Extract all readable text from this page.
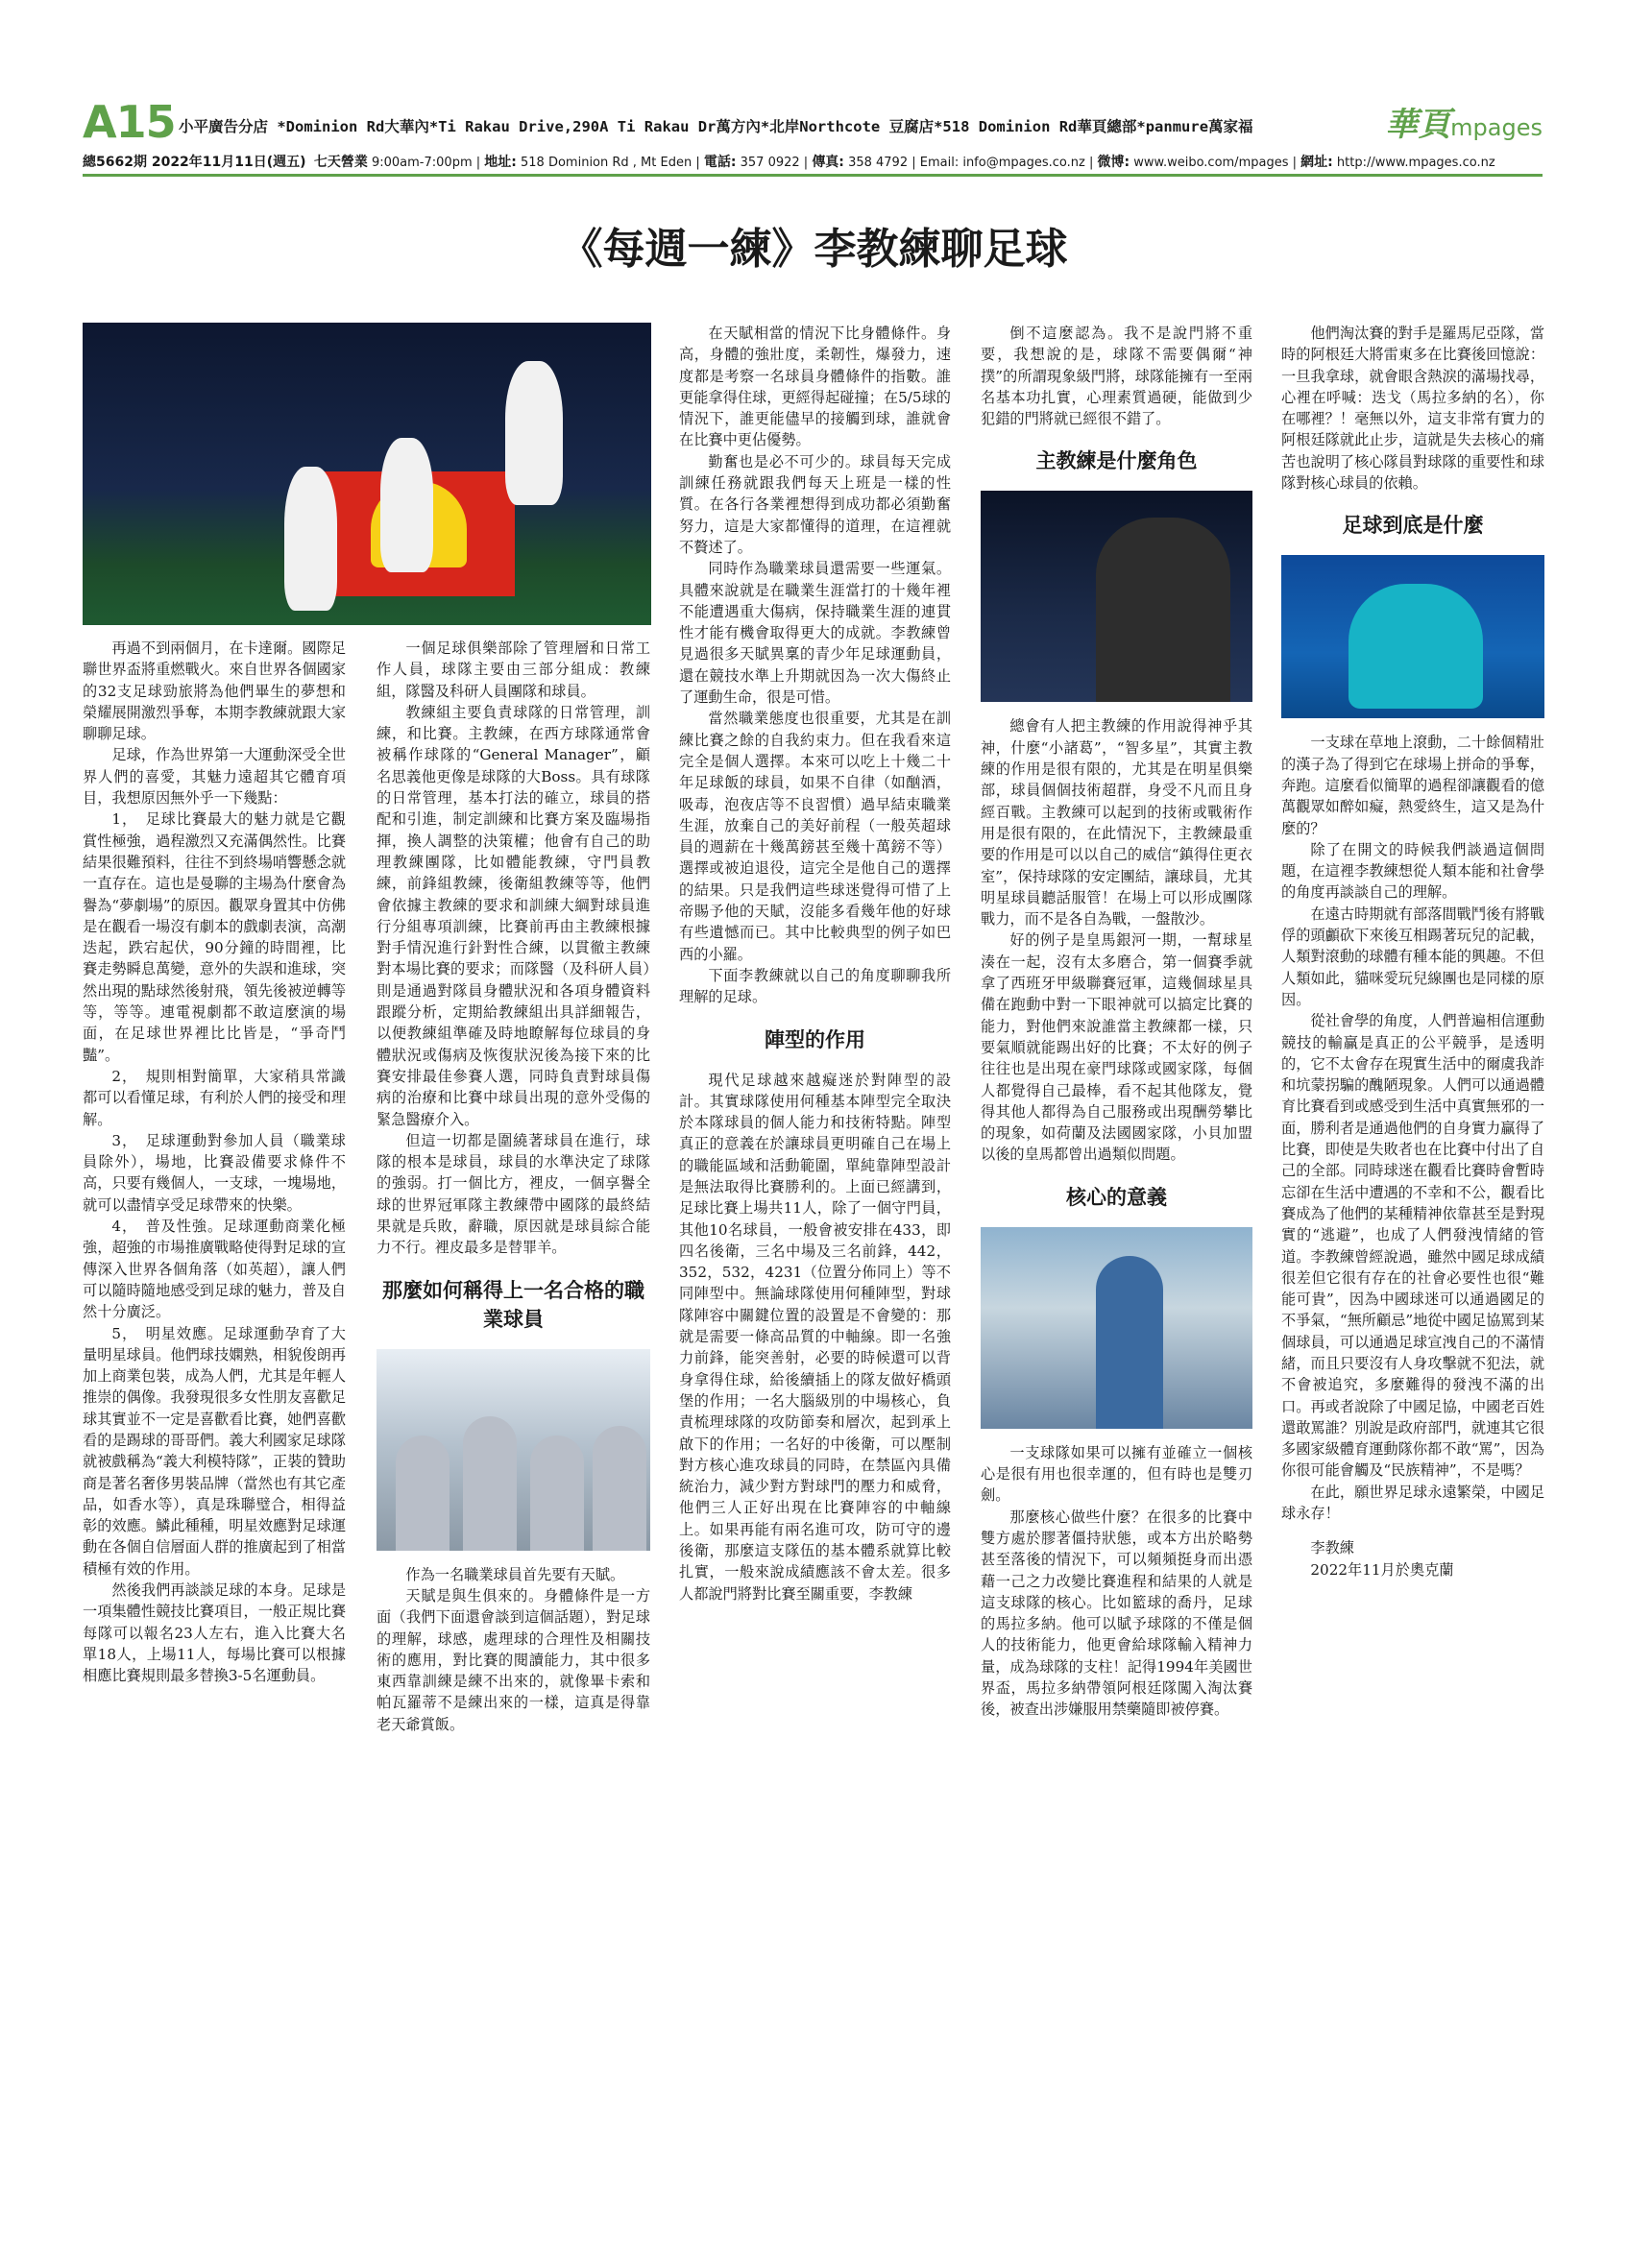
A15 小平廣告分店 *Dominion Rd大華內*Ti Rakau Drive,290A Ti Rakau Dr萬方內*北岸Northcote 豆腐店*518 Dominion Rd華頁總部*panmure萬家福	華頁mpages
總5662期 2022年11月11日(週五) 七天營業 9:00am-7:00pm | 地址: 518 Dominion Rd , Mt Eden | 電話: 357 0922 | 傳真: 358 4792 | Email: info@mpages.co.nz | 微博: www.weibo.com/mpages | 網址: http://www.mpages.co.nz
《每週一練》李教練聊足球

再過不到兩個月，在卡達爾。國際足聯世界盃將重燃戰火。來自世界各個國家的32支足球勁旅將為他們畢生的夢想和榮耀展開激烈爭奪，本期李教練就跟大家聊聊足球。

足球，作為世界第一大運動深受全世界人們的喜愛，其魅力遠超其它體育項目，我想原因無外乎一下幾點：

1，　足球比賽最大的魅力就是它觀賞性極強，過程激烈又充滿偶然性。比賽結果很難預料，往往不到終場哨響懸念就一直存在。這也是曼聯的主場為什麼會為譽為“夢劇場”的原因。觀眾身置其中仿佛是在觀看一場沒有劇本的戲劇表演，高潮迭起，跌宕起伏，90分鐘的時間裡，比賽走勢瞬息萬變，意外的失誤和進球，突然出現的點球然後射飛，領先後被逆轉等等，等等。連電視劇都不敢這麼演的場面，在足球世界裡比比皆是，“爭奇鬥豔”。

2，　規則相對簡單，大家稍具常識都可以看懂足球，有利於人們的接受和理解。

3，　足球運動對參加人員（職業球員除外），場地，比賽設備要求條件不高，只要有幾個人，一支球，一塊場地，就可以盡情享受足球帶來的快樂。

4，　普及性強。足球運動商業化極強，超強的市場推廣戰略使得對足球的宣傳深入世界各個角落（如英超），讓人們可以隨時隨地感受到足球的魅力，普及自然十分廣泛。

5，　明星效應。足球運動孕育了大量明星球員。他們球技嫻熟，相貌俊朗再加上商業包裝，成為人們，尤其是年輕人推崇的偶像。我發現很多女性朋友喜歡足球其實並不一定是喜歡看比賽，她們喜歡看的是踢球的哥哥們。義大利國家足球隊就被戲稱為“義大利模特隊”，正裝的贊助商是著名奢侈男裝品牌（當然也有其它產品，如香水等），真是珠聯璧合，相得益彰的效應。鱗此種種，明星效應對足球運動在各個自信層面人群的推廣起到了相當積極有效的作用。

然後我們再談談足球的本身。足球是一項集體性競技比賽項目，一般正規比賽每隊可以報名23人左右，進入比賽大名單18人，上場11人，每場比賽可以根據相應比賽規則最多替換3-5名運動員。

一個足球俱樂部除了管理層和日常工作人員，球隊主要由三部分組成：教練組，隊醫及科研人員團隊和球員。

教練組主要負責球隊的日常管理，訓練，和比賽。主教練，在西方球隊通常會被稱作球隊的“General Manager”，顧名思義他更像是球隊的大Boss。具有球隊的日常管理，基本打法的確立，球員的搭配和引進，制定訓練和比賽方案及臨場指揮，換人調整的決策權；他會有自己的助理教練團隊，比如體能教練，守門員教練，前鋒組教練，後衛組教練等等，他們會依據主教練的要求和訓練大綱對球員進行分組專項訓練，比賽前再由主教練根據對手情況進行針對性合練，以貫徹主教練對本場比賽的要求；而隊醫（及科研人員）則是通過對隊員身體狀況和各項身體資料跟蹤分析，定期給教練組出具詳細報告，以便教練組準確及時地瞭解每位球員的身體狀況或傷病及恢復狀況後為接下來的比賽安排最佳參賽人選，同時負責對球員傷病的治療和比賽中球員出現的意外受傷的緊急醫療介入。

但這一切都是圍繞著球員在進行，球隊的根本是球員，球員的水準決定了球隊的強弱。打一個比方，裡皮，一個享譽全球的世界冠軍隊主教練帶中國隊的最終結果就是兵敗，辭職，原因就是球員綜合能力不行。裡皮最多是替罪羊。

那麼如何稱得上一名合格的職業球員

作為一名職業球員首先要有天賦。

天賦是與生俱來的。身體條件是一方面（我們下面還會談到這個話題），對足球的理解，球感，處理球的合理性及相關技術的應用，對比賽的閱讀能力，其中很多東西靠訓練是練不出來的，就像畢卡索和帕瓦羅蒂不是練出來的一樣，這真是得靠老天爺賞飯。

在天賦相當的情況下比身體條件。身高，身體的強壯度，柔韌性，爆發力，速度都是考察一名球員身體條件的指數。誰更能拿得住球，更經得起碰撞；在5/5球的情況下，誰更能儘早的接觸到球，誰就會在比賽中更佔優勢。

勤奮也是必不可少的。球員每天完成訓練任務就跟我們每天上班是一樣的性質。在各行各業裡想得到成功都必須勤奮努力，這是大家都懂得的道理，在這裡就不贅述了。

同時作為職業球員還需要一些運氣。具體來說就是在職業生涯當打的十幾年裡不能遭遇重大傷病，保持職業生涯的連貫性才能有機會取得更大的成就。李教練曾見過很多天賦異稟的青少年足球運動員，還在競技水準上升期就因為一次大傷終止了運動生命，很是可惜。

當然職業態度也很重要，尤其是在訓練比賽之餘的自我約束力。但在我看來這完全是個人選擇。本來可以吃上十幾二十年足球飯的球員，如果不自律（如酗酒，吸毒，泡夜店等不良習慣）過早結束職業生涯，放棄自己的美好前程（一般英超球員的週薪在十幾萬鎊甚至幾十萬鎊不等）選擇或被迫退役，這完全是他自己的選擇的結果。只是我們這些球迷覺得可惜了上帝賜予他的天賦，沒能多看幾年他的好球有些遺憾而已。其中比較典型的例子如巴西的小羅。

下面李教練就以自己的角度聊聊我所理解的足球。

陣型的作用

現代足球越來越癡迷於對陣型的設計。其實球隊使用何種基本陣型完全取決於本隊球員的個人能力和技術特點。陣型真正的意義在於讓球員更明確自己在場上的職能區域和活動範圍，單純靠陣型設計是無法取得比賽勝利的。上面已經講到，足球比賽上場共11人，除了一個守門員，其他10名球員，一般會被安排在433，即四名後衛，三名中場及三名前鋒，442，352，532，4231（位置分佈同上）等不同陣型中。無論球隊使用何種陣型，對球隊陣容中關鍵位置的設置是不會變的：那就是需要一條高品質的中軸線。即一名強力前鋒，能突善射，必要的時候還可以背身拿得住球，給後續插上的隊友做好橋頭堡的作用；一名大腦級別的中場核心，負責梳理球隊的攻防節奏和層次，起到承上啟下的作用；一名好的中後衛，可以壓制對方核心進攻球員的同時，在禁區內具備統治力，減少對方對球門的壓力和威脅，他們三人正好出現在比賽陣容的中軸線上。如果再能有兩名進可攻，防可守的邊後衛，那麼這支隊伍的基本體系就算比較扎實，一般來說成績應該不會太差。很多人都說門將對比賽至關重要，李教練

倒不這麼認為。我不是說門將不重要，我想說的是，球隊不需要偶爾“神撲”的所謂現象級門將，球隊能擁有一至兩名基本功扎實，心理素質過硬，能做到少犯錯的門將就已經很不錯了。

主教練是什麼角色

總會有人把主教練的作用說得神乎其神，什麼“小諸葛”，“智多星”，其實主教練的作用是很有限的，尤其是在明星俱樂部，球員個個技術超群，身受不凡而且身經百戰。主教練可以起到的技術或戰術作用是很有限的，在此情況下，主教練最重要的作用是可以以自己的威信“鎮得住更衣室”，保持球隊的安定團結，讓球員，尤其明星球員聽話服管！在場上可以形成團隊戰力，而不是各自為戰，一盤散沙。

好的例子是皇馬銀河一期，一幫球星湊在一起，沒有太多磨合，第一個賽季就拿了西班牙甲級聯賽冠軍，這幾個球星具備在跑動中對一下眼神就可以搞定比賽的能力，對他們來說誰當主教練都一樣，只要氣順就能踢出好的比賽；不太好的例子往往也是出現在豪門球隊或國家隊，每個人都覺得自己最棒，看不起其他隊友，覺得其他人都得為自己服務或出現酬勞攀比的現象，如荷蘭及法國國家隊，小貝加盟以後的皇馬都曾出過類似問題。

核心的意義

一支球隊如果可以擁有並確立一個核心是很有用也很幸運的，但有時也是雙刃劍。

那麼核心做些什麼？在很多的比賽中雙方處於膠著僵持狀態，或本方出於略勢甚至落後的情況下，可以頻頻挺身而出憑藉一己之力改變比賽進程和結果的人就是這支球隊的核心。比如籃球的喬丹，足球的馬拉多納。他可以賦予球隊的不僅是個人的技術能力，他更會給球隊輸入精神力量，成為球隊的支柱！記得1994年美國世界盃，馬拉多納帶領阿根廷隊闖入淘汰賽後，被查出涉嫌服用禁藥隨即被停賽。

他們淘汰賽的對手是羅馬尼亞隊，當時的阿根廷大將雷東多在比賽後回憶說：一旦我拿球，就會眼含熱淚的滿場找尋，心裡在呼喊：迭戈（馬拉多納的名），你在哪裡？！毫無以外，這支非常有實力的阿根廷隊就此止步，這就是失去核心的痛苦也說明了核心隊員對球隊的重要性和球隊對核心球員的依賴。

足球到底是什麼

一支球在草地上滾動，二十餘個精壯的漢子為了得到它在球場上拼命的爭奪，奔跑。這麼看似簡單的過程卻讓觀看的億萬觀眾如醉如癡，熱愛終生，這又是為什麼的？

除了在開文的時候我們談過這個問題，在這裡李教練想從人類本能和社會學的角度再談談自己的理解。

在遠古時期就有部落間戰鬥後有將戰俘的頭顱砍下來後互相踢著玩兒的記載，人類對滾動的球體有種本能的興趣。不但人類如此，貓咪愛玩兒線團也是同樣的原因。

從社會學的角度，人們普遍相信運動競技的輸贏是真正的公平競爭，是透明的，它不太會存在現實生活中的爾虞我詐和坑蒙拐騙的醜陋現象。人們可以通過體育比賽看到或感受到生活中真實無邪的一面，勝利者是通過他們的自身實力贏得了比賽，即使是失敗者也在比賽中付出了自己的全部。同時球迷在觀看比賽時會暫時忘卻在生活中遭遇的不幸和不公，觀看比賽成為了他們的某種精神依靠甚至是對現實的“逃避”，也成了人們發洩情緒的管道。李教練曾經說過，雖然中國足球成績很差但它很有存在的社會必要性也很“難能可貴”，因為中國球迷可以通過國足的不爭氣，“無所顧忌”地從中國足協罵到某個球員，可以通過足球宣洩自己的不滿情緒，而且只要沒有人身攻擊就不犯法，就不會被追究，多麼難得的發洩不滿的出口。再或者說除了中國足協，中國老百姓還敢罵誰？別說是政府部門，就連其它很多國家級體育運動隊你都不敢“罵”，因為你很可能會觸及“民族精神”，不是嗎？

在此，願世界足球永遠繁榮，中國足球永存！

李教練

2022年11月於奧克蘭
